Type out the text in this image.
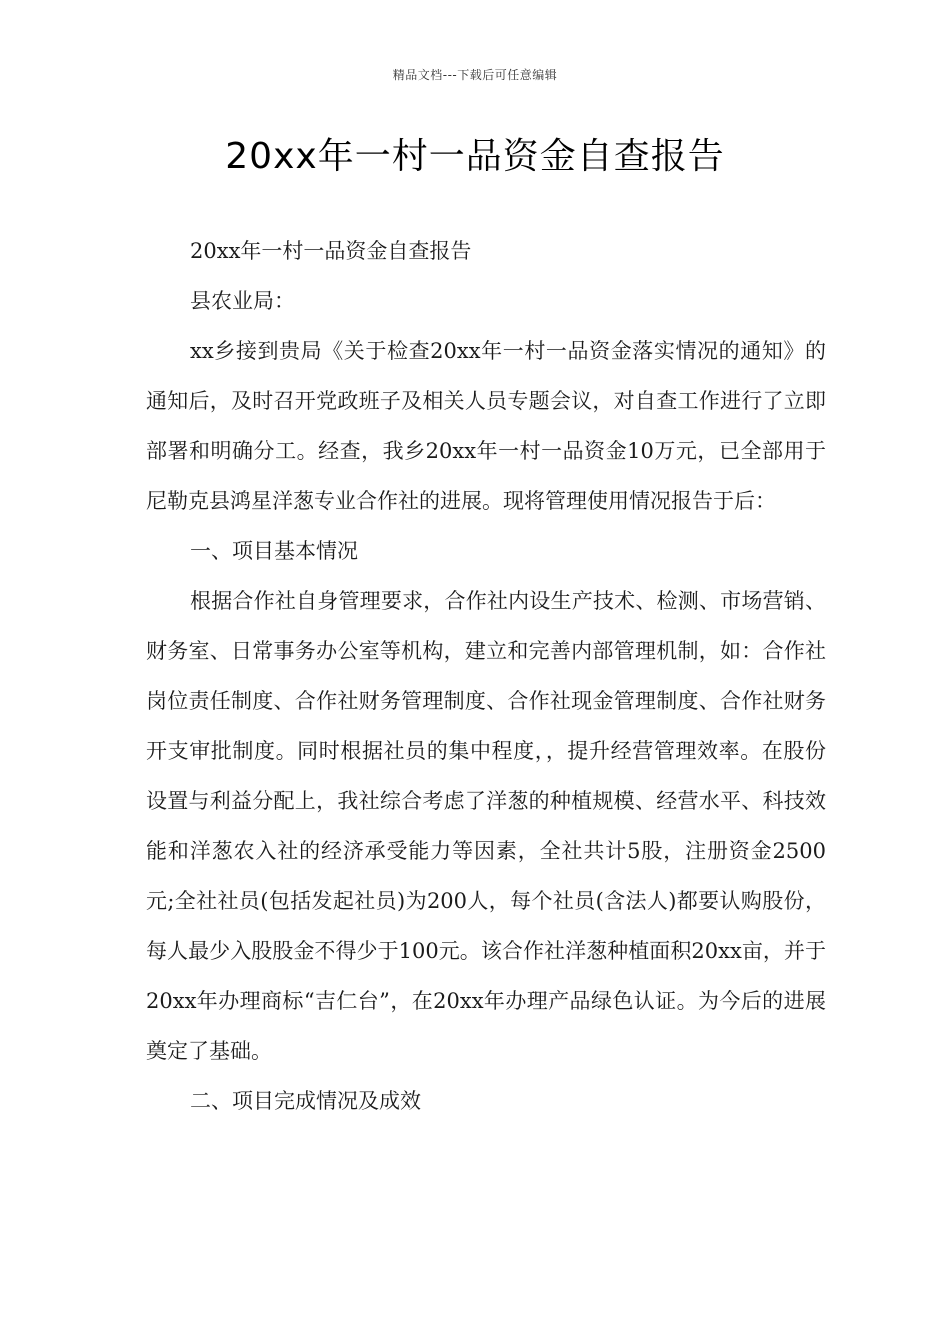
精品文档---下载后可任意编辑
20xx年一村一品资金自查报告

20xx年一村一品资金自查报告

县农业局：

xx乡接到贵局《关于检查20xx年一村一品资金落实情况的通知》的通知后，及时召开党政班子及相关人员专题会议，对自查工作进行了立即部署和明确分工。经查，我乡20xx年一村一品资金10万元，已全部用于尼勒克县鸿星洋葱专业合作社的进展。现将管理使用情况报告于后：

一、项目基本情况

根据合作社自身管理要求，合作社内设生产技术、检测、市场营销、财务室、日常事务办公室等机构，建立和完善内部管理机制，如：合作社岗位责任制度、合作社财务管理制度、合作社现金管理制度、合作社财务开支审批制度。同时根据社员的集中程度，，提升经营管理效率。在股份设置与利益分配上，我社综合考虑了洋葱的种植规模、经营水平、科技效能和洋葱农入社的经济承受能力等因素，全社共计5股，注册资金2500元;全社社员(包括发起社员)为200人，每个社员(含法人)都要认购股份，每人最少入股股金不得少于100元。该合作社洋葱种植面积20xx亩，并于20xx年办理商标“吉仁台”，在20xx年办理产品绿色认证。为今后的进展奠定了基础。

二、项目完成情况及成效
